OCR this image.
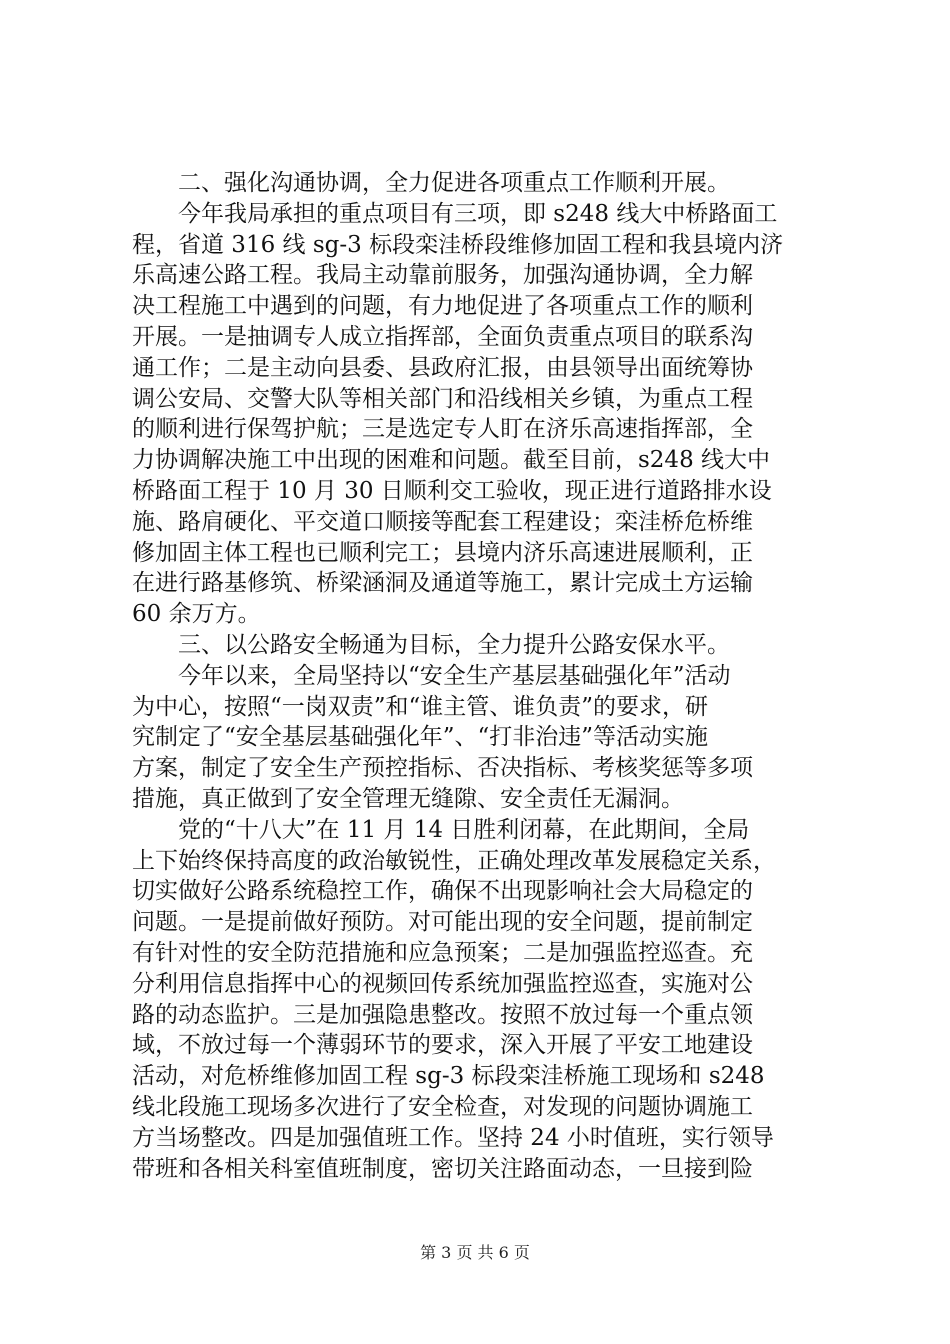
二、强化沟通协调，全力促进各项重点工作顺利开展。
今年我局承担的重点项目有三项，即 s248 线大中桥路面工
程，省道 316 线 sg-3 标段栾洼桥段维修加固工程和我县境内济
乐高速公路工程。我局主动靠前服务，加强沟通协调，全力解
决工程施工中遇到的问题，有力地促进了各项重点工作的顺利
开展。一是抽调专人成立指挥部，全面负责重点项目的联系沟
通工作；二是主动向县委、县政府汇报，由县领导出面统筹协
调公安局、交警大队等相关部门和沿线相关乡镇，为重点工程
的顺利进行保驾护航；三是选定专人盯在济乐高速指挥部，全
力协调解决施工中出现的困难和问题。截至目前，s248 线大中
桥路面工程于 10 月 30 日顺利交工验收，现正进行道路排水设
施、路肩硬化、平交道口顺接等配套工程建设；栾洼桥危桥维
修加固主体工程也已顺利完工；县境内济乐高速进展顺利，正
在进行路基修筑、桥梁涵洞及通道等施工，累计完成土方运输
60 余万方。
三、以公路安全畅通为目标，全力提升公路安保水平。
今年以来，全局坚持以“安全生产基层基础强化年”活动
为中心，按照“一岗双责”和“谁主管、谁负责”的要求，研
究制定了“安全基层基础强化年”、“打非治违”等活动实施
方案，制定了安全生产预控指标、否决指标、考核奖惩等多项
措施，真正做到了安全管理无缝隙、安全责任无漏洞。
党的“十八大”在 11 月 14 日胜利闭幕，在此期间，全局
上下始终保持高度的政治敏锐性，正确处理改革发展稳定关系，
切实做好公路系统稳控工作，确保不出现影响社会大局稳定的
问题。一是提前做好预防。对可能出现的安全问题，提前制定
有针对性的安全防范措施和应急预案；二是加强监控巡查。充
分利用信息指挥中心的视频回传系统加强监控巡查，实施对公
路的动态监护。三是加强隐患整改。按照不放过每一个重点领
域，不放过每一个薄弱环节的要求，深入开展了平安工地建设
活动，对危桥维修加固工程 sg-3 标段栾洼桥施工现场和 s248
线北段施工现场多次进行了安全检查，对发现的问题协调施工
方当场整改。四是加强值班工作。坚持 24 小时值班，实行领导
带班和各相关科室值班制度，密切关注路面动态，一旦接到险
第 3 页 共 6 页
